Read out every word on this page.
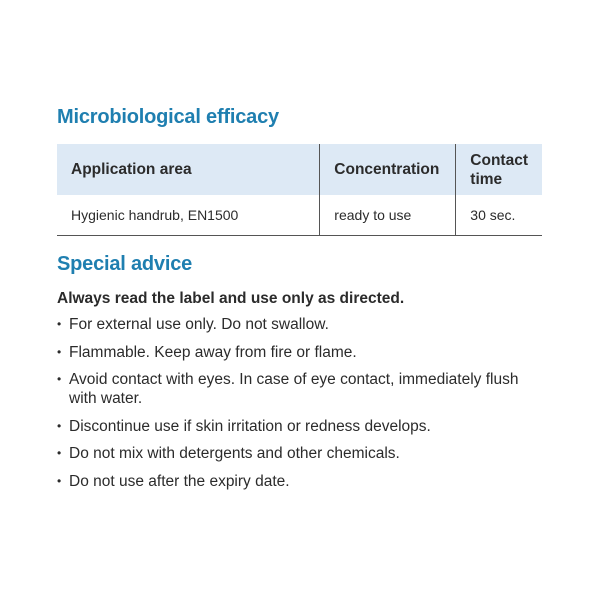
Microbiological efficacy
Application area	Concentration	Contact time
Hygienic handrub, EN1500	ready to use	30 sec.
Special advice
Always read the label and use only as directed.
• For external use only. Do not swallow.
• Flammable. Keep away from fire or flame.
• Avoid contact with eyes. In case of eye contact, immediately flush with water.
• Discontinue use if skin irritation or redness develops.
• Do not mix with detergents and other chemicals.
• Do not use after the expiry date.
